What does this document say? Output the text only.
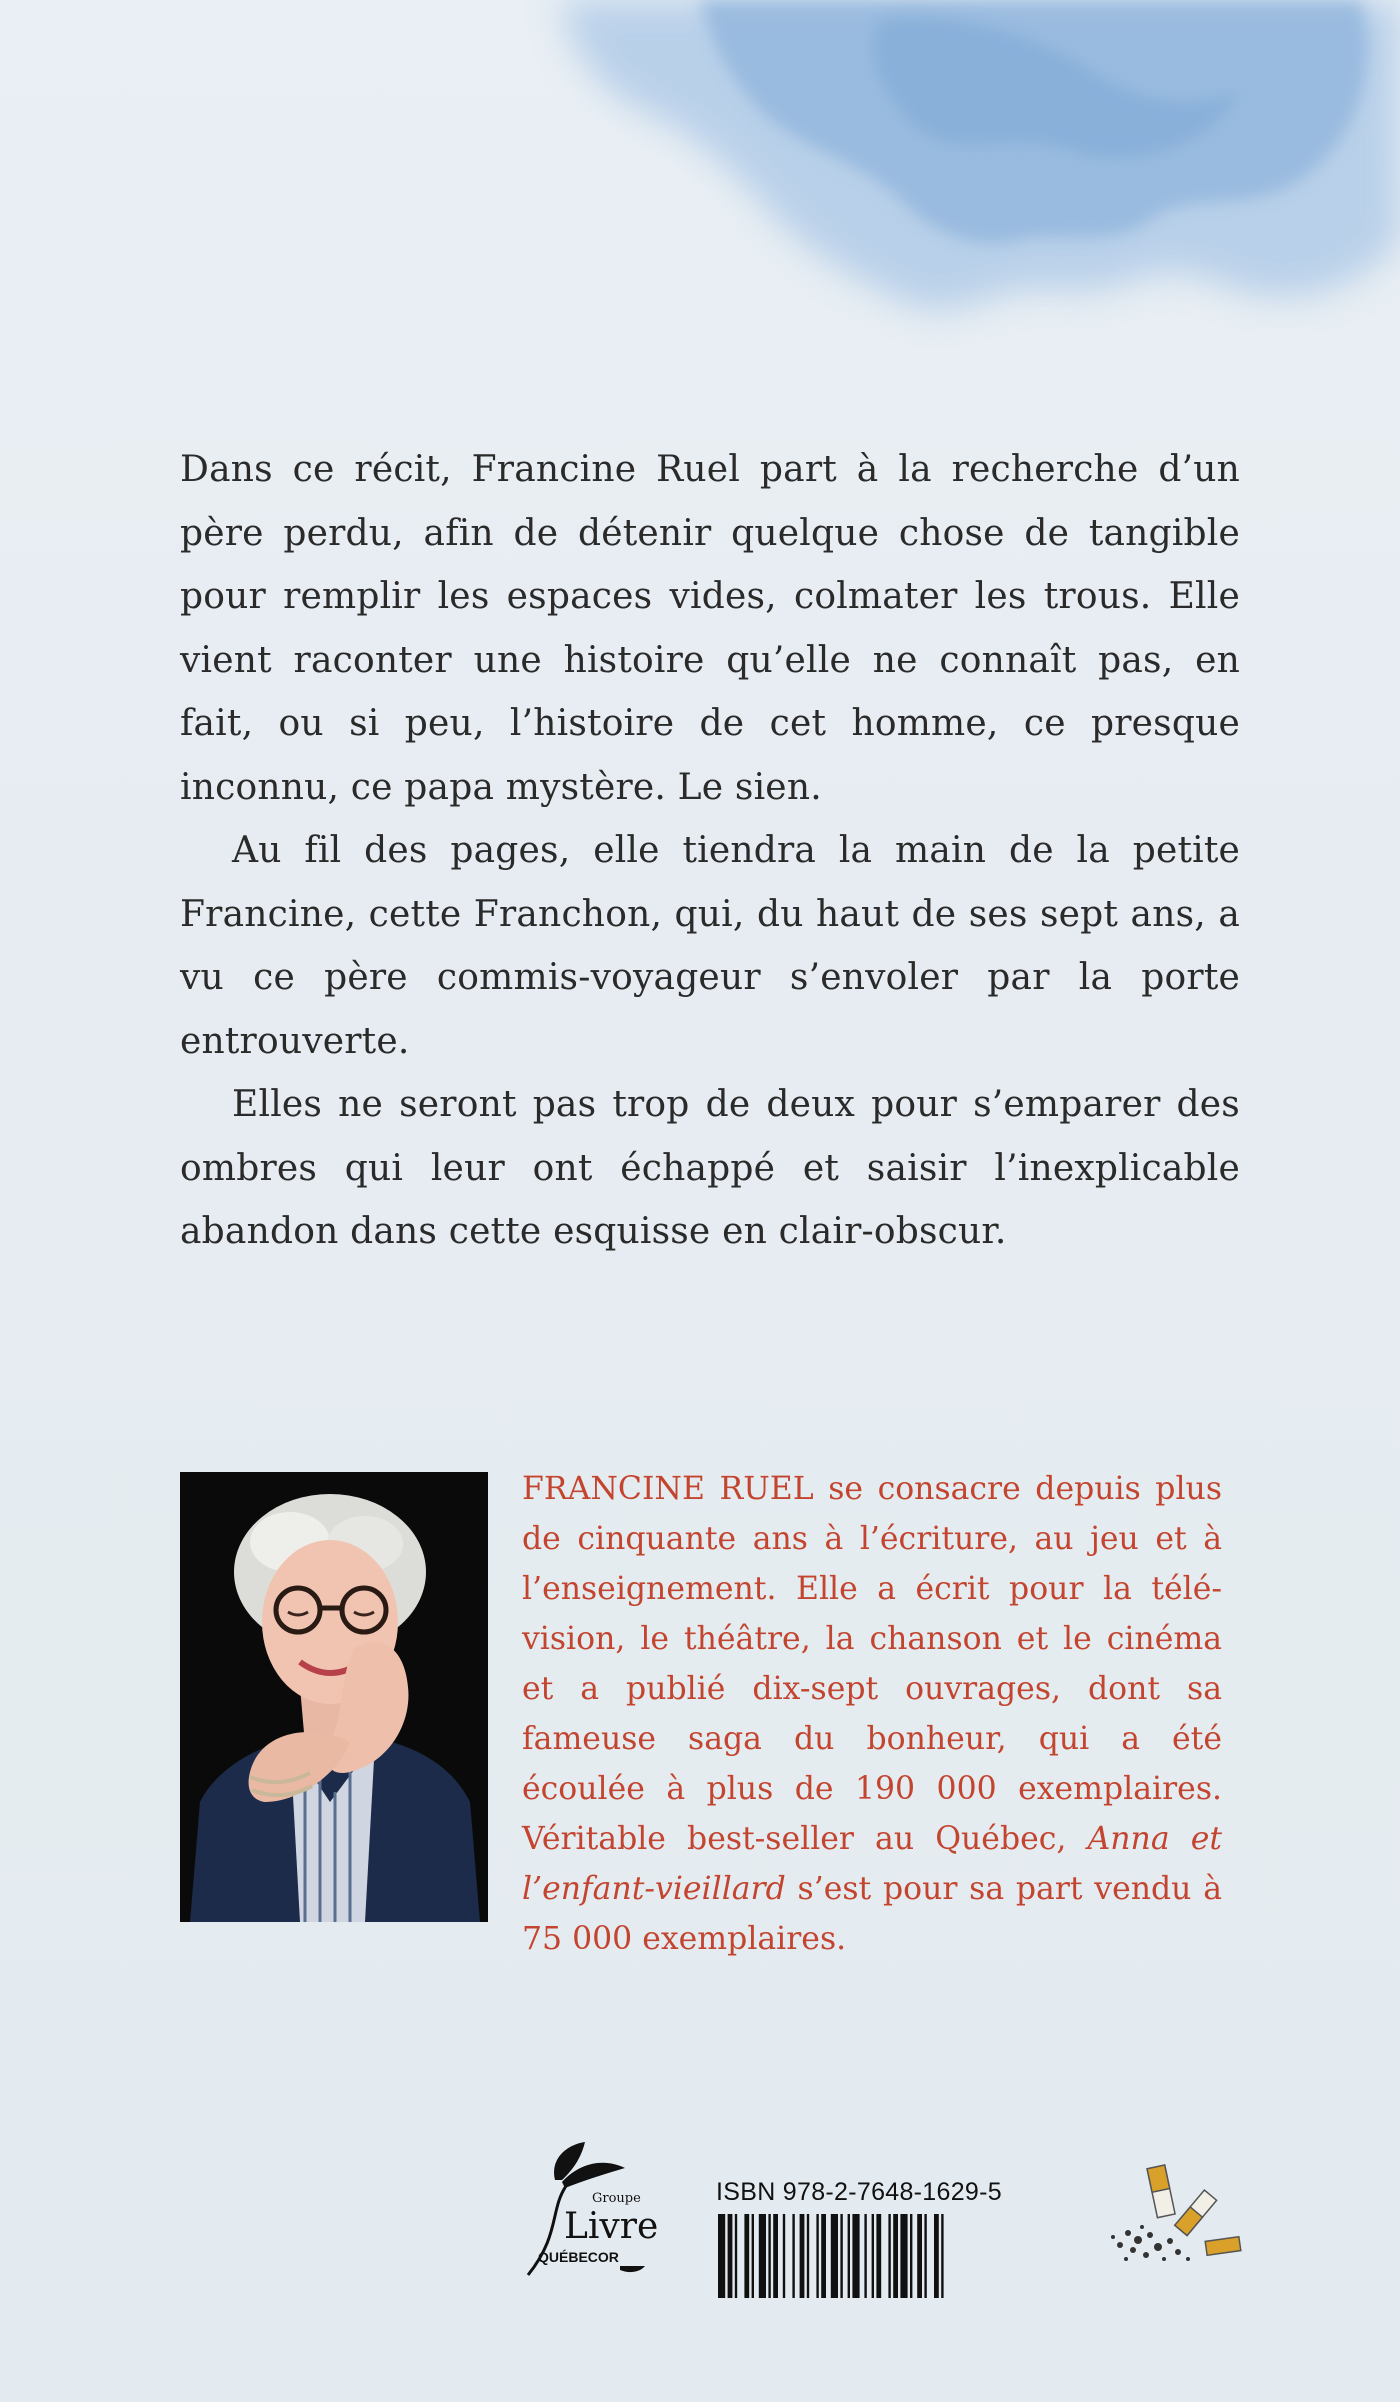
Dans ce récit, Francine Ruel part à la recherche d’un père perdu, afin de détenir quelque chose de tangible pour remplir les espaces vides, colmater les trous. Elle vient raconter une histoire qu’elle ne connaît pas, en fait, ou si peu, l’histoire de cet homme, ce presque inconnu, ce papa mystère. Le sien.

Au fil des pages, elle tiendra la main de la petite Francine, cette Franchon, qui, du haut de ses sept ans, a vu ce père commis-voyageur s’envoler par la porte entrouverte.

Elles ne seront pas trop de deux pour s’emparer des ombres qui leur ont échappé et saisir l’inexplicable abandon dans cette esquisse en clair-obscur.

FRANCINE RUEL se consacre depuis plus de cinquante ans à l’écriture, au jeu et à l’enseignement. Elle a écrit pour la télé-vision, le théâtre, la chanson et le cinéma et a publié dix-sept ouvrages, dont sa fameuse saga du bonheur, qui a été écoulée à plus de 190 000 exemplaires. Véritable best-seller au Québec, Anna et l’enfant-vieillard s’est pour sa part vendu à 75 000 exemplaires.

Groupe
Livre
QUÉBECOR
ISBN 978-2-7648-1629-5
